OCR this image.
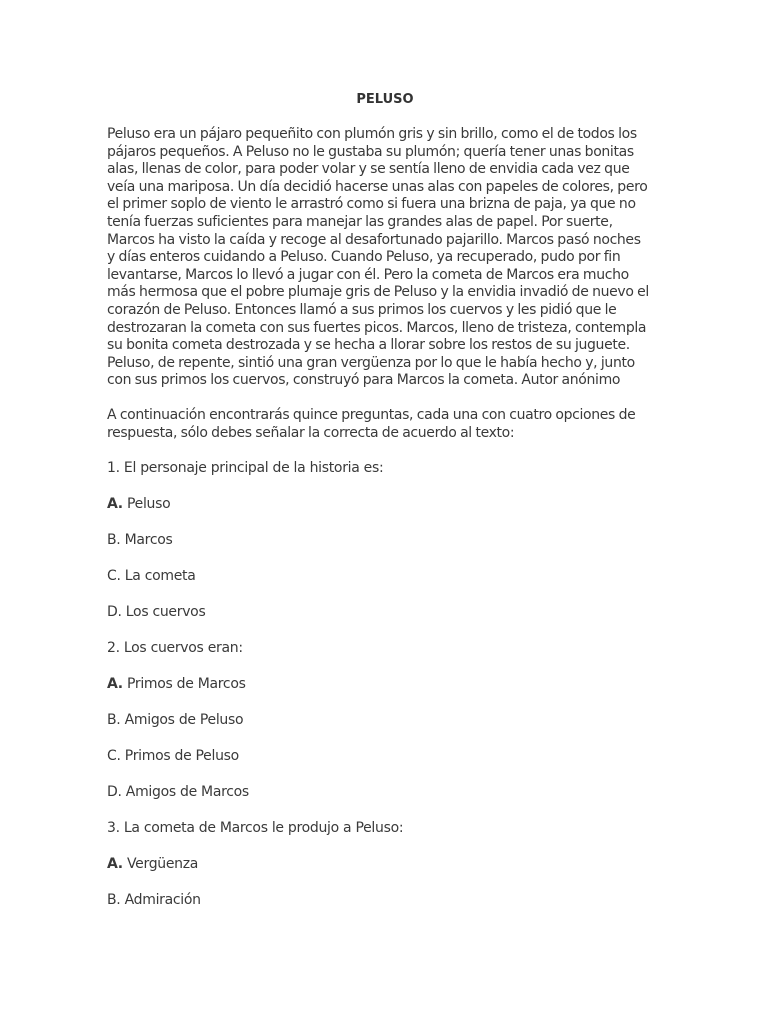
PELUSO
Peluso era un pájaro pequeñito con plumón gris y sin brillo, como el de todos los
pájaros pequeños. A Peluso no le gustaba su plumón; quería tener unas bonitas
alas, llenas de color, para poder volar y se sentía lleno de envidia cada vez que
veía una mariposa. Un día decidió hacerse unas alas con papeles de colores, pero
el primer soplo de viento le arrastró como si fuera una brizna de paja, ya que no
tenía fuerzas suficientes para manejar las grandes alas de papel. Por suerte,
Marcos ha visto la caída y recoge al desafortunado pajarillo. Marcos pasó noches
y días enteros cuidando a Peluso. Cuando Peluso, ya recuperado, pudo por fin
levantarse, Marcos lo llevó a jugar con él. Pero la cometa de Marcos era mucho
más hermosa que el pobre plumaje gris de Peluso y la envidia invadió de nuevo el
corazón de Peluso. Entonces llamó a sus primos los cuervos y les pidió que le
destrozaran la cometa con sus fuertes picos. Marcos, lleno de tristeza, contempla
su bonita cometa destrozada y se hecha a llorar sobre los restos de su juguete.
Peluso, de repente, sintió una gran vergüenza por lo que le había hecho y, junto
con sus primos los cuervos, construyó para Marcos la cometa. Autor anónimo
A continuación encontrarás quince preguntas, cada una con cuatro opciones de
respuesta, sólo debes señalar la correcta de acuerdo al texto:
1. El personaje principal de la historia es:
A. Peluso
B. Marcos
C. La cometa
D. Los cuervos
2. Los cuervos eran:
A. Primos de Marcos
B. Amigos de Peluso
C. Primos de Peluso
D. Amigos de Marcos
3. La cometa de Marcos le produjo a Peluso:
A. Vergüenza
B. Admiración
